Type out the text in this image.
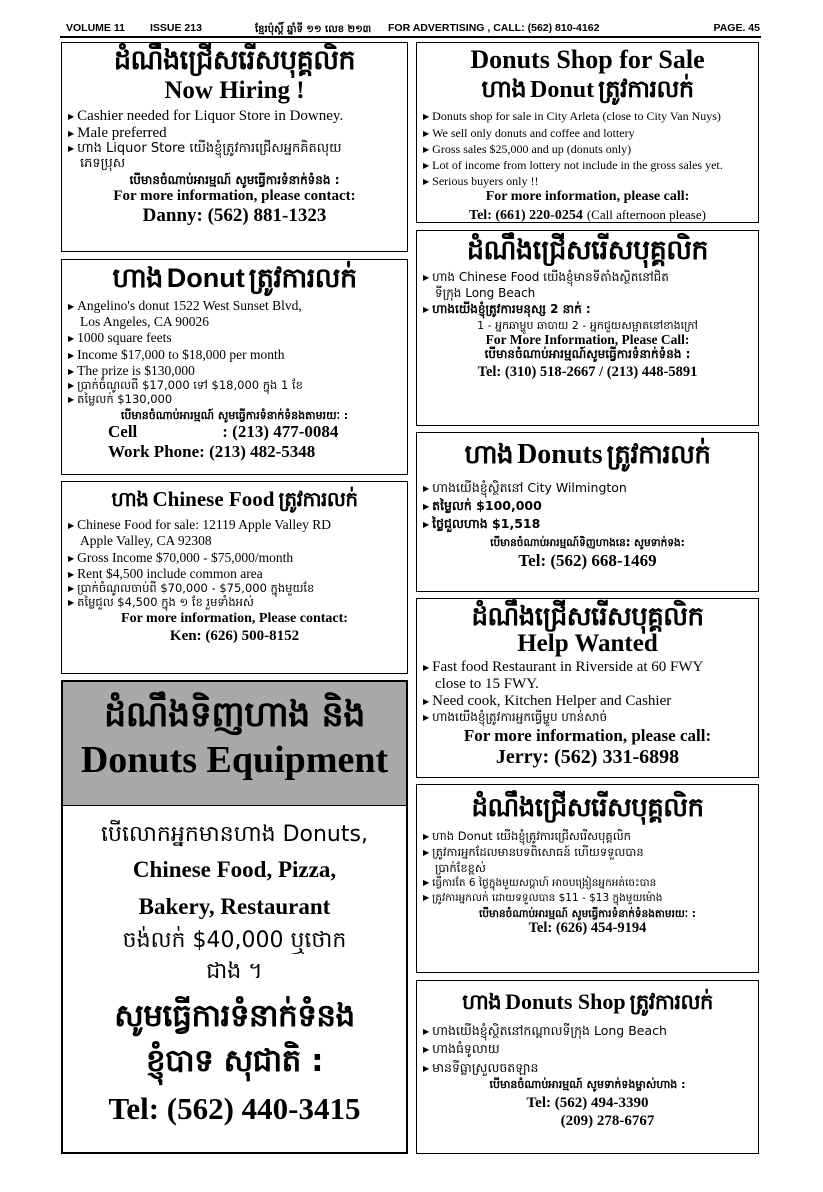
VOLUME 11 ISSUE 213	ខ្មែរប៉ុស្តិ៍ ឆ្នាំទី ១១ លេខ ២១៣ FOR ADVERTISING , CALL: (562) 810-4162	PAGE. 45
ដំណឹងជ្រើសរើសបុគ្គលិក
Now Hiring !
▶ Cashier needed for Liquor Store in Downey.
▶ Male preferred
▶ ហាង Liquor Store យើងខ្ញុំត្រូវការជ្រើសអ្នកគិតលុយ
ភេទប្រុស
បើមានចំណាប់អារម្មណ៍ សូមធ្វើការទំនាក់ទំនង :
For more information, please contact:
Danny: (562) 881-1323
Donuts Shop for Sale
ហាង Donut ត្រូវការលក់
▶ Donuts shop for sale in City Arleta (close to City Van Nuys)
▶ We sell only donuts and coffee and lottery
▶ Gross sales $25,000 and up (donuts only)
▶ Lot of income from lottery not include in the gross sales yet.
▶ Serious buyers only !!
For more information, please call:
Tel: (661) 220-0254 (Call afternoon please)
ហាង Donut ត្រូវការលក់
▶ Angelino's donut 1522 West Sunset Blvd,
Los Angeles, CA 90026
▶ 1000 square feets
▶ Income $17,000 to $18,000 per month
▶ The prize is $130,000
▶ ប្រាក់ចំណូលពី $17,000 ទៅ $18,000 ក្នុង 1 ខែ
▶ តម្លៃលក់ $130,000
បើមានចំណាប់អារម្មណ៍ សូមធ្វើការទំនាក់ទំនងតាមរយៈ :
Cell	: (213) 477-0084
Work Phone: (213) 482-5348
ដំណឹងជ្រើសរើសបុគ្គលិក
▶ ហាង Chinese Food យើងខ្ញុំមានទីតាំងស្ថិតនៅជិត
ទីក្រុង Long Beach
▶ ហាងយើងខ្ញុំត្រូវការមនុស្ស 2 នាក់ :
1 - អ្នកឆាម្ហូប ឆាបាយ 2 - អ្នកជួយសម្អាតនៅខាងក្រៅ
For More Information, Please Call:
បើមានចំណាប់អារម្មណ៍សូមធ្វើការទំនាក់ទំនង :
Tel: (310) 518-2667 / (213) 448-5891
ហាង Chinese Food ត្រូវការលក់
▶ Chinese Food for sale: 12119 Apple Valley RD
Apple Valley, CA 92308
▶ Gross Income $70,000 - $75,000/month
▶ Rent $4,500 include common area
▶ ប្រាក់ចំណូលចាប់ពី $70,000 - $75,000 ក្នុងមួយខែ
▶ តម្លៃជួល $4,500 ក្នុង ១ ខែ រួមទាំងអស់
For more information, Please contact:
Ken: (626) 500-8152
ហាង Donuts ត្រូវការលក់
▶ ហាងយើងខ្ញុំស្ថិតនៅ City Wilmington
▶ តម្លៃលក់ $100,000
▶ ថ្លៃជួលហាង $1,518
បើមានចំណាប់អារម្មណ៍ទិញហាងនេះ សូមទាក់ទង:
Tel: (562) 668-1469
ដំណឹងទិញហាង និង
Donuts Equipment
បើលោកអ្នកមានហាង Donuts,
Chinese Food, Pizza,
Bakery, Restaurant
ចង់លក់ $40,000 ឬថោក
ជាង ។
សូមធ្វើការទំនាក់ទំនង
ខ្ញុំបាទ សុជាតិ :
Tel: (562) 440-3415
ដំណឹងជ្រើសរើសបុគ្គលិក
Help Wanted
▶ Fast food Restaurant in Riverside at 60 FWY
close to 15 FWY.
▶ Need cook, Kitchen Helper and Cashier
▶ ហាងយើងខ្ញុំត្រូវការអ្នកធ្វើម្ហូប ហាន់សាច់
For more information, please call:
Jerry: (562) 331-6898
ដំណឹងជ្រើសរើសបុគ្គលិក
▶ ហាង Donut យើងខ្ញុំត្រូវការជ្រើសរើសបុគ្គលិក
▶ ត្រូវការអ្នកដែលមានបទពិសោធន៍ ហើយទទួលបាន
ប្រាក់ខែខ្ពស់
▶ ធ្វើការតែ 6 ថ្ងៃក្នុងមួយសប្តាហ៍ អាចបង្រៀនអ្នកអត់ចេះបាន
▶ ត្រូវការអ្នកលក់ ដោយទទួលបាន $11 - $13 ក្នុងមួយម៉ោង
បើមានចំណាប់អារម្មណ៍ សូមធ្វើការទំនាក់ទំនងតាមរយៈ :
Tel: (626) 454-9194
ហាង Donuts Shop ត្រូវការលក់
▶ ហាងយើងខ្ញុំស្ថិតនៅកណ្តាលទីក្រុង Long Beach
▶ ហាងធំទូលាយ
▶ មានទីធ្លាស្រួលចតឡាន
បើមានចំណាប់អារម្មណ៍ សូមទាក់ទងម្ចាស់ហាង :
Tel: (562) 494-3390
(209) 278-6767
